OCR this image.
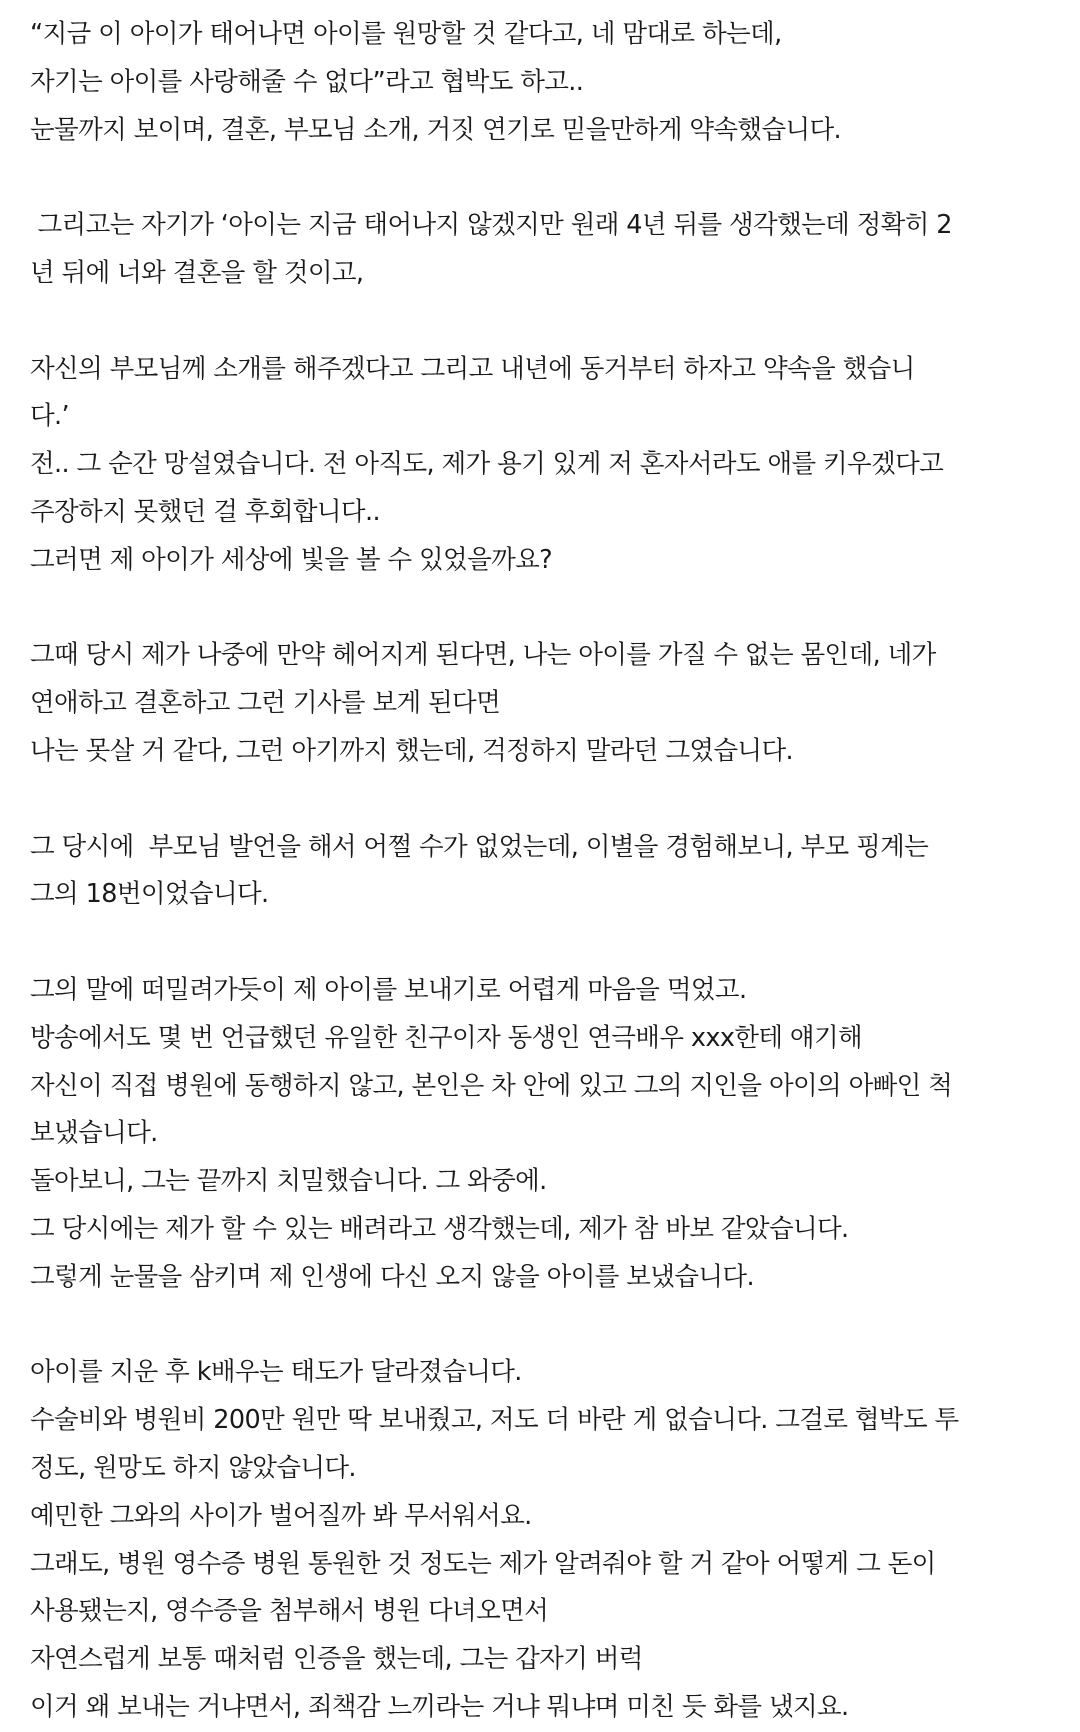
“지금 이 아이가 태어나면 아이를 원망할 것 같다고, 네 맘대로 하는데,
자기는 아이를 사랑해줄 수 없다”라고 협박도 하고..
눈물까지 보이며, 결혼, 부모님 소개, 거짓 연기로 믿을만하게 약속했습니다.
그리고는 자기가 ‘아이는 지금 태어나지 않겠지만 원래 4년 뒤를 생각했는데 정확히 2
년 뒤에 너와 결혼을 할 것이고,
자신의 부모님께 소개를 해주겠다고 그리고 내년에 동거부터 하자고 약속을 했습니
다.’
전.. 그 순간 망설였습니다. 전 아직도, 제가 용기 있게 저 혼자서라도 애를 키우겠다고
주장하지 못했던 걸 후회합니다..
그러면 제 아이가 세상에 빛을 볼 수 있었을까요?
그때 당시 제가 나중에 만약 헤어지게 된다면, 나는 아이를 가질 수 없는 몸인데, 네가
연애하고 결혼하고 그런 기사를 보게 된다면
나는 못살 거 같다, 그런 아기까지 했는데, 걱정하지 말라던 그였습니다.
그 당시에  부모님 발언을 해서 어쩔 수가 없었는데, 이별을 경험해보니, 부모 핑계는
그의 18번이었습니다.
그의 말에 떠밀려가듯이 제 아이를 보내기로 어렵게 마음을 먹었고.
방송에서도 몇 번 언급했던 유일한 친구이자 동생인 연극배우 xxx한테 얘기해
자신이 직접 병원에 동행하지 않고, 본인은 차 안에 있고 그의 지인을 아이의 아빠인 척
보냈습니다.
돌아보니, 그는 끝까지 치밀했습니다. 그 와중에.
그 당시에는 제가 할 수 있는 배려라고 생각했는데, 제가 참 바보 같았습니다.
그렇게 눈물을 삼키며 제 인생에 다신 오지 않을 아이를 보냈습니다.
아이를 지운 후 k배우는 태도가 달라졌습니다.
수술비와 병원비 200만 원만 딱 보내줬고, 저도 더 바란 게 없습니다. 그걸로 협박도 투
정도, 원망도 하지 않았습니다.
예민한 그와의 사이가 벌어질까 봐 무서워서요.
그래도, 병원 영수증 병원 통원한 것 정도는 제가 알려줘야 할 거 같아 어떻게 그 돈이
사용됐는지, 영수증을 첨부해서 병원 다녀오면서
자연스럽게 보통 때처럼 인증을 했는데, 그는 갑자기 버럭
이거 왜 보내는 거냐면서, 죄책감 느끼라는 거냐 뭐냐며 미친 듯 화를 냈지요.
